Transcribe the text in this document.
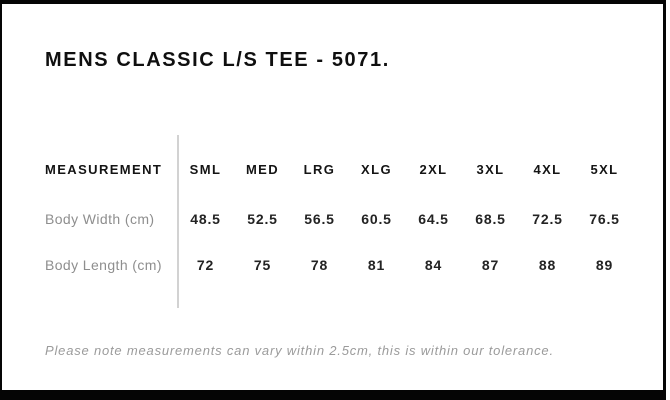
MENS CLASSIC L/S TEE - 5071.
MEASUREMENT	SML	MED	LRG	XLG	2XL	3XL	4XL	5XL
Body Width (cm)	48.5	52.5	56.5	60.5	64.5	68.5	72.5	76.5
Body Length (cm)	72	75	78	81	84	87	88	89
Please note measurements can vary within 2.5cm, this is within our tolerance.
